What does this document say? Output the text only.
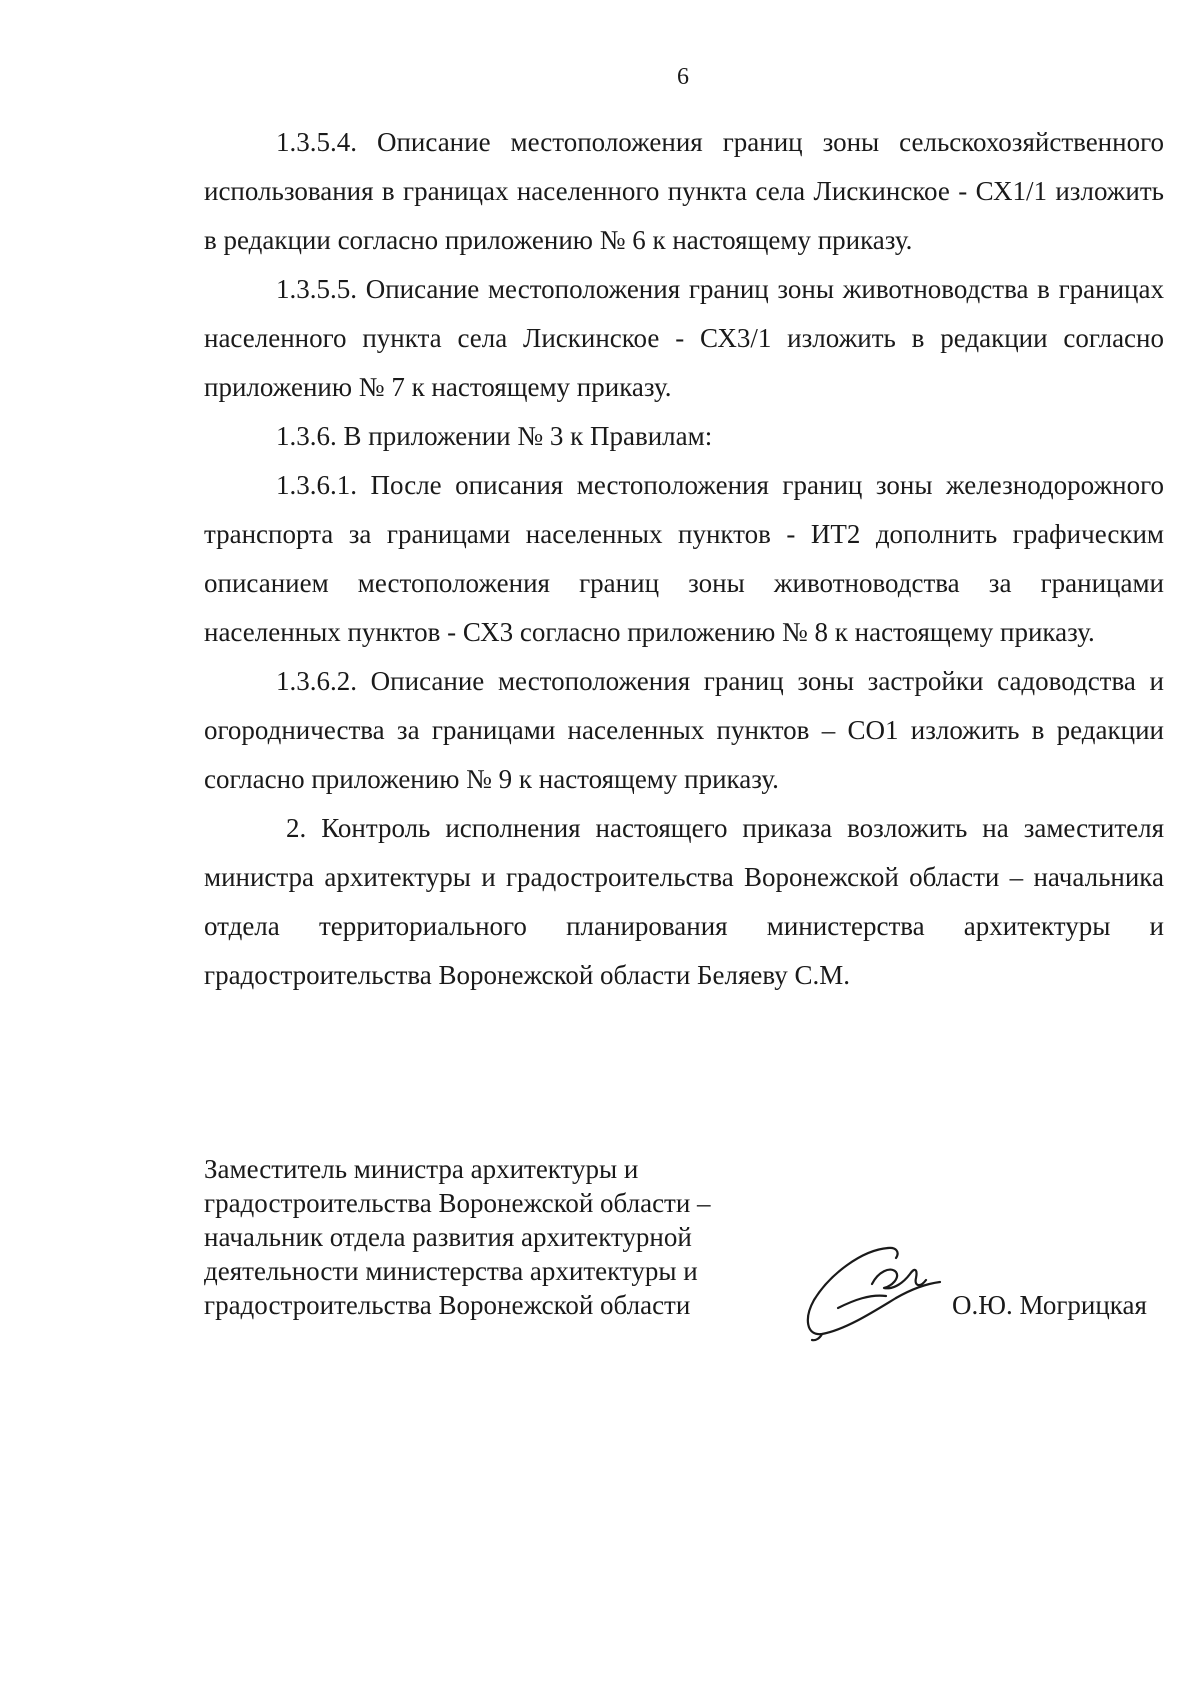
6

1.3.5.4. Описание местоположения границ зоны сельскохозяйственного использования в границах населенного пункта села Лискинское - СХ1/1 изложить в редакции согласно приложению № 6 к настоящему приказу.

1.3.5.5. Описание местоположения границ зоны животноводства в границах населенного пункта села Лискинское - СХ3/1 изложить в редакции согласно приложению № 7 к настоящему приказу.

1.3.6. В приложении № 3 к Правилам:

1.3.6.1. После описания местоположения границ зоны железнодорожного транспорта за границами населенных пунктов - ИТ2 дополнить графическим описанием местоположения границ зоны животноводства за границами населенных пунктов - СХ3 согласно приложению № 8 к настоящему приказу.

1.3.6.2. Описание местоположения границ зоны застройки садоводства и огородничества за границами населенных пунктов – СО1 изложить в редакции согласно приложению № 9 к настоящему приказу.

2. Контроль исполнения настоящего приказа возложить на заместителя министра архитектуры и градостроительства Воронежской области – начальника отдела территориального планирования министерства архитектуры и градостроительства Воронежской области Беляеву С.М.

Заместитель министра архитектуры и
градостроительства Воронежской области –
начальник отдела развития архитектурной
деятельности министерства архитектуры и
градостроительства Воронежской области	О.Ю. Могрицкая
